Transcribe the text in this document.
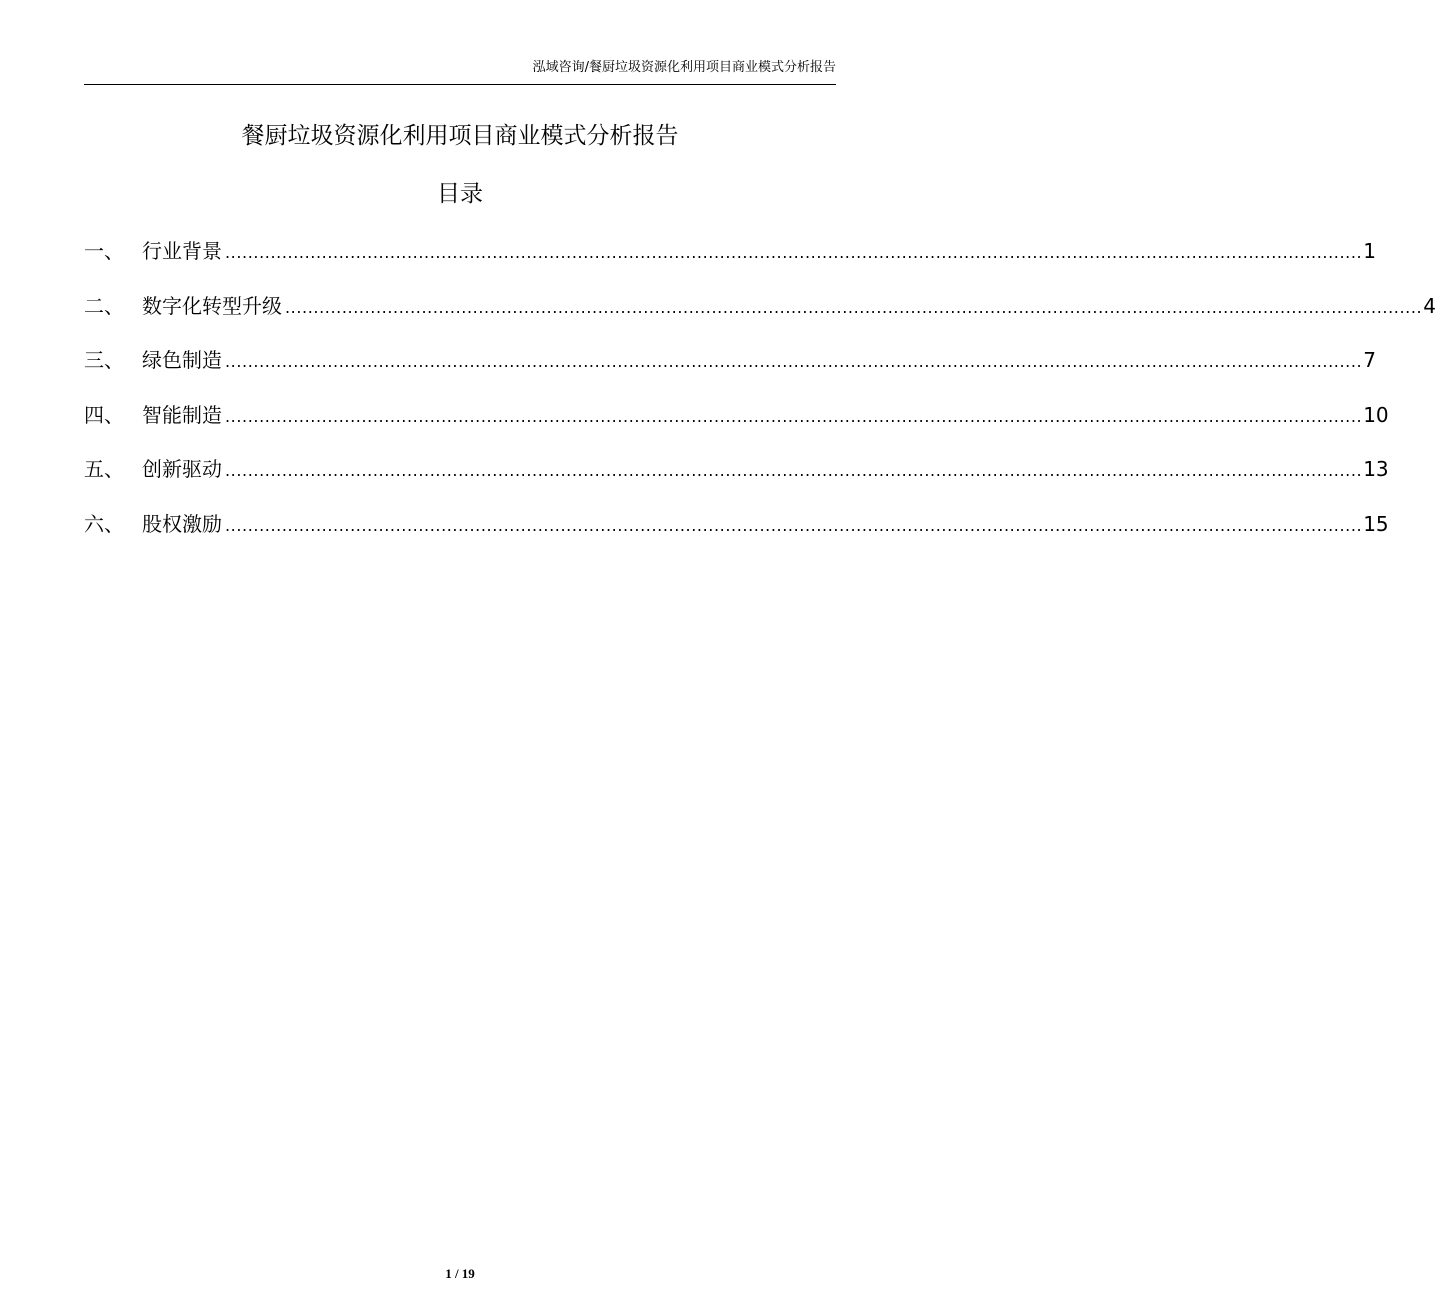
泓域咨询/餐厨垃圾资源化利用项目商业模式分析报告
餐厨垃圾资源化利用项目商业模式分析报告
目录
一、 行业背景 ........................................................................................................................................................................................................ 1
二、 数字化转型升级 ........................................................................................................................................................................................................ 4
三、 绿色制造 ........................................................................................................................................................................................................ 7
四、 智能制造 ........................................................................................................................................................................................................ 10
五、 创新驱动 ........................................................................................................................................................................................................ 13
六、 股权激励 ........................................................................................................................................................................................................ 15
1 / 19
